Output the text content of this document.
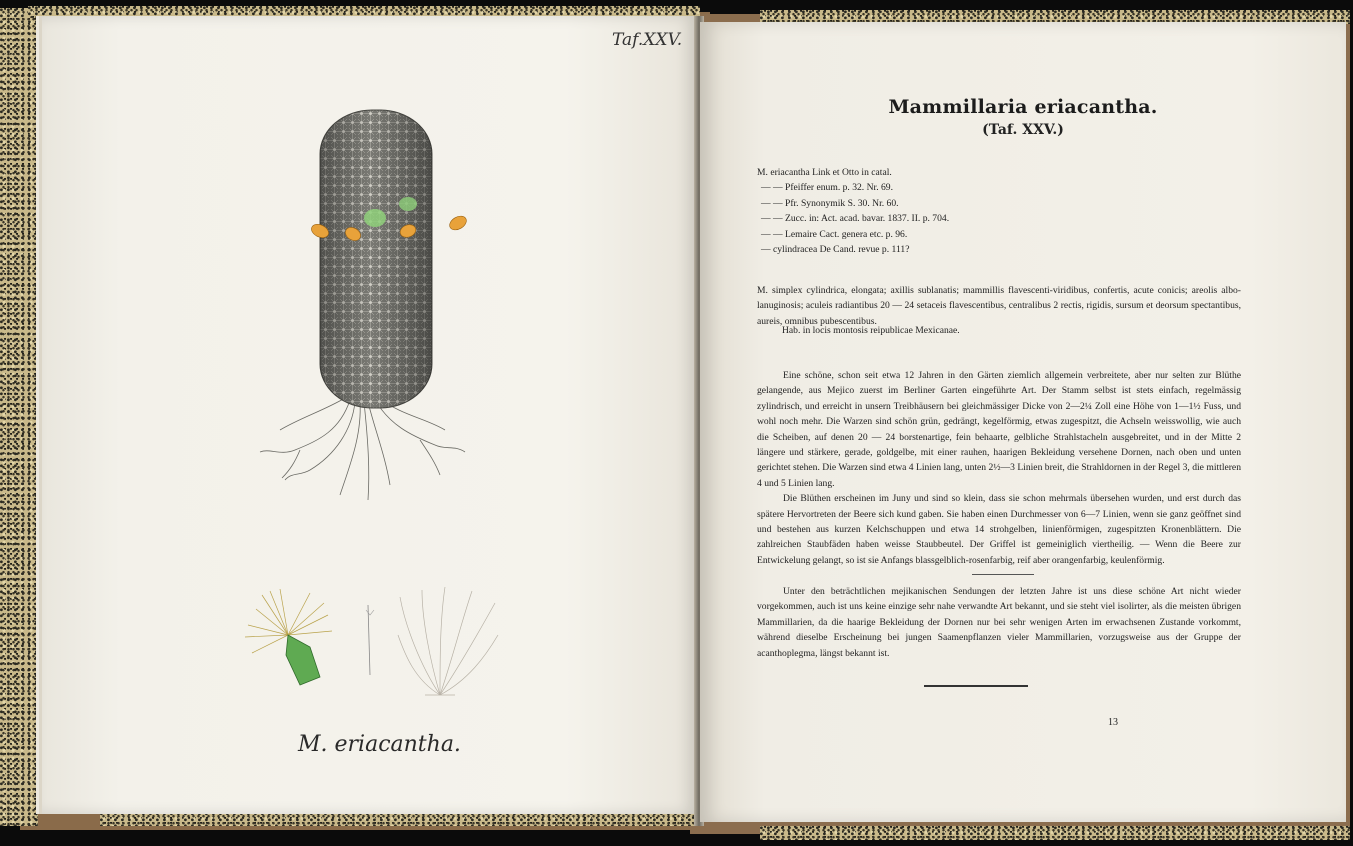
Taf.XXV.
M. eriacantha.
Mammillaria eriacantha.
(Taf. XXV.)
M. eriacantha Link et Otto in catal.
— — Pfeiffer enum. p. 32. Nr. 69.
— — Pfr. Synonymik S. 30. Nr. 60.
— — Zucc. in: Act. acad. bavar. 1837. II. p. 704.
— — Lemaire Cact. genera etc. p. 96.
— cylindracea De Cand. revue p. 111?
M. simplex cylindrica, elongata; axillis sublanatis; mammillis flavescenti-viridibus, confertis, acute conicis; areolis albo-lanuginosis; aculeis radiantibus 20 — 24 setaceis flavescentibus, centralibus 2 rectis, rigidis, sursum et deorsum spectantibus, aureis, omnibus pubescentibus.
Hab. in locis montosis reipublicae Mexicanae.

Eine schöne, schon seit etwa 12 Jahren in den Gärten ziemlich allgemein verbreitete, aber nur selten zur Blüthe gelangende, aus Mejico zuerst im Berliner Garten eingeführte Art. Der Stamm selbst ist stets einfach, regelmässig zylindrisch, und erreicht in unsern Treibhäusern bei gleichmässiger Dicke von 2—2¼ Zoll eine Höhe von 1—1½ Fuss, und wohl noch mehr. Die Warzen sind schön grün, gedrängt, kegelförmig, etwas zugespitzt, die Achseln weisswollig, wie auch die Scheiben, auf denen 20 — 24 borstenartige, fein behaarte, gelbliche Strahlstacheln ausgebreitet, und in der Mitte 2 längere und stärkere, gerade, goldgelbe, mit einer rauhen, haarigen Bekleidung versehene Dornen, nach oben und unten gerichtet stehen. Die Warzen sind etwa 4 Linien lang, unten 2½—3 Linien breit, die Strahldornen in der Regel 3, die mittleren 4 und 5 Linien lang.

Die Blüthen erscheinen im Juny und sind so klein, dass sie schon mehrmals übersehen wurden, und erst durch das spätere Hervortreten der Beere sich kund gaben. Sie haben einen Durchmesser von 6—7 Linien, wenn sie ganz geöffnet sind und bestehen aus kurzen Kelchschuppen und etwa 14 strohgelben, linienförmigen, zugespitzten Kronenblättern. Die zahlreichen Staubfäden haben weisse Staubbeutel. Der Griffel ist gemeiniglich viertheilig. — Wenn die Beere zur Entwickelung gelangt, so ist sie Anfangs blassgelblich-rosenfarbig, reif aber orangenfarbig, keulenförmig.

Unter den beträchtlichen mejikanischen Sendungen der letzten Jahre ist uns diese schöne Art nicht wieder vorgekommen, auch ist uns keine einzige sehr nahe verwandte Art bekannt, und sie steht viel isolirter, als die meisten übrigen Mammillarien, da die haarige Bekleidung der Dornen nur bei sehr wenigen Arten im erwachsenen Zustande vorkommt, während dieselbe Erscheinung bei jungen Saamenpflanzen vieler Mammillarien, vorzugsweise aus der Gruppe der acanthoplegma, längst bekannt ist.

13
